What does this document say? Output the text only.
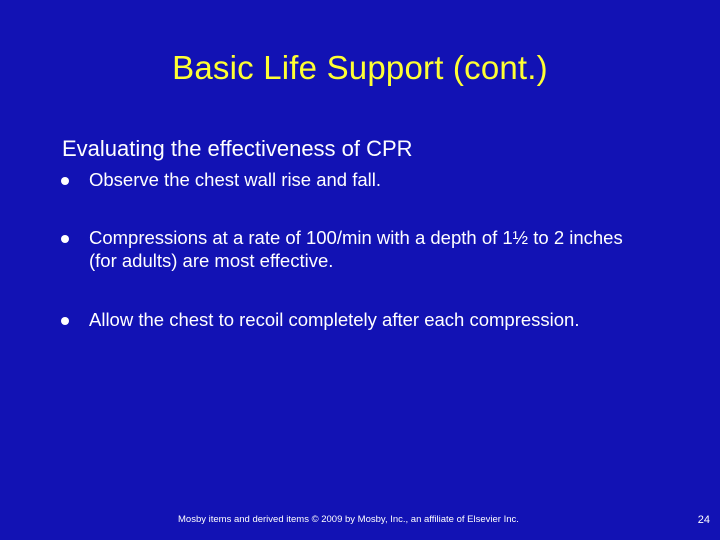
Basic Life Support (cont.)
Evaluating the effectiveness of CPR
Observe the chest wall rise and fall.
Compressions at a rate of 100/min with a depth of 1½ to 2 inches (for adults) are most effective.
Allow the chest to recoil completely after each compression.
Mosby items and derived items © 2009 by Mosby, Inc., an affiliate of Elsevier Inc.	24
